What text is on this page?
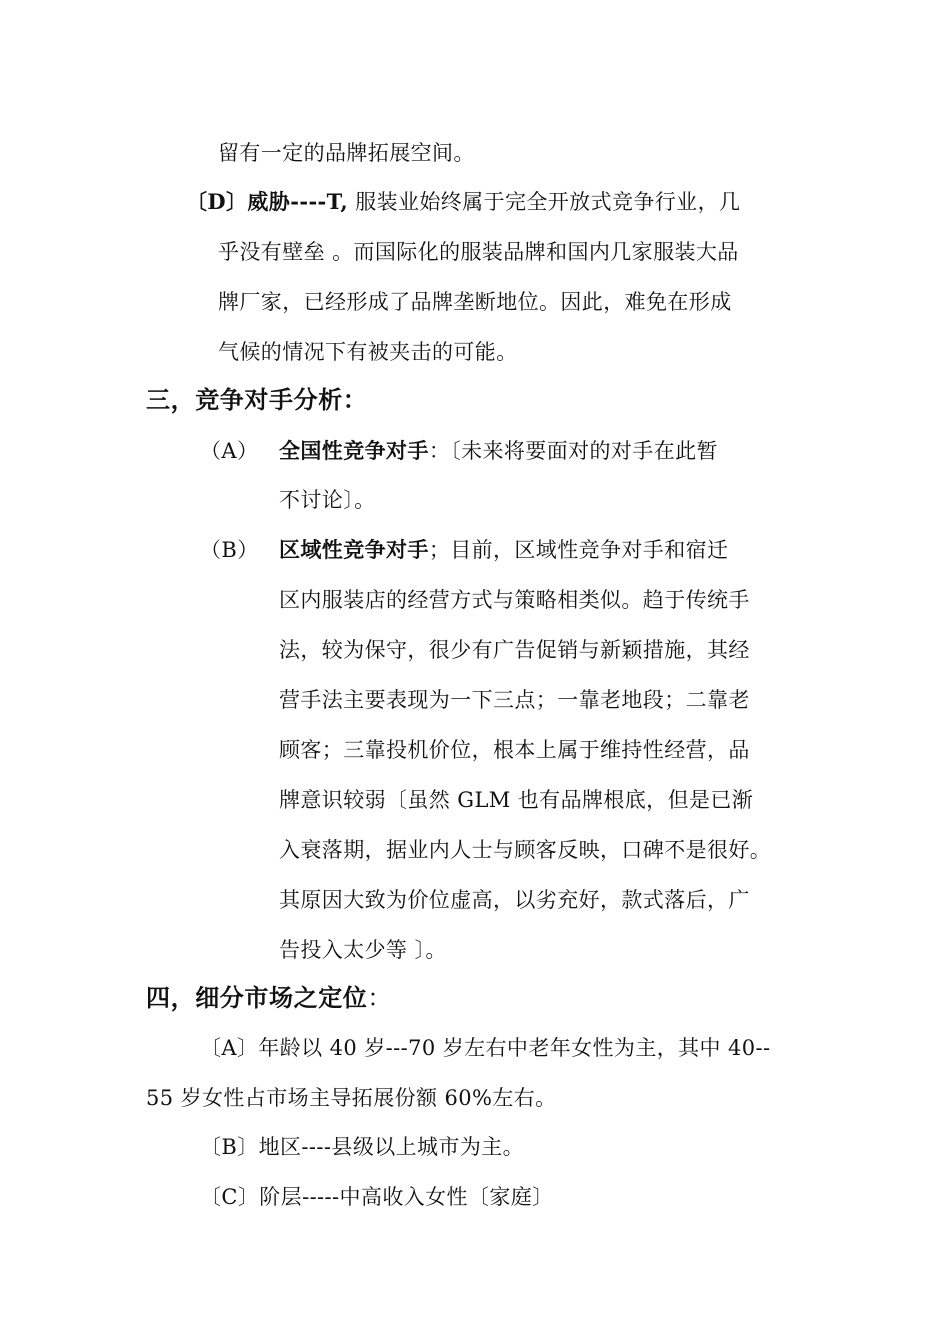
留有一定的品牌拓展空间。
〔D〕威胁----T, 服装业始终属于完全开放式竞争行业，几
乎没有壁垒 。而国际化的服装品牌和国内几家服装大品
牌厂家，已经形成了品牌垄断地位。因此，难免在形成
气候的情况下有被夹击的可能。
三，竞争对手分析：
（A） 全国性竞争对手：〔未来将要面对的对手在此暂
不讨论〕。
（B） 区域性竞争对手；目前，区域性竞争对手和宿迁
区内服装店的经营方式与策略相类似。趋于传统手
法，较为保守，很少有广告促销与新颖措施，其经
营手法主要表现为一下三点；一靠老地段；二靠老
顾客；三靠投机价位，根本上属于维持性经营，品
牌意识较弱〔虽然 GLM 也有品牌根底，但是已渐
入衰落期，据业内人士与顾客反映，口碑不是很好。
其原因大致为价位虚高，以劣充好，款式落后，广
告投入太少等 〕。
四，细分市场之定位：
〔A〕年龄以 40 岁---70 岁左右中老年女性为主，其中 40--
55 岁女性占市场主导拓展份额 60%左右。
〔B〕地区----县级以上城市为主。
〔C〕阶层-----中高收入女性〔家庭〕
